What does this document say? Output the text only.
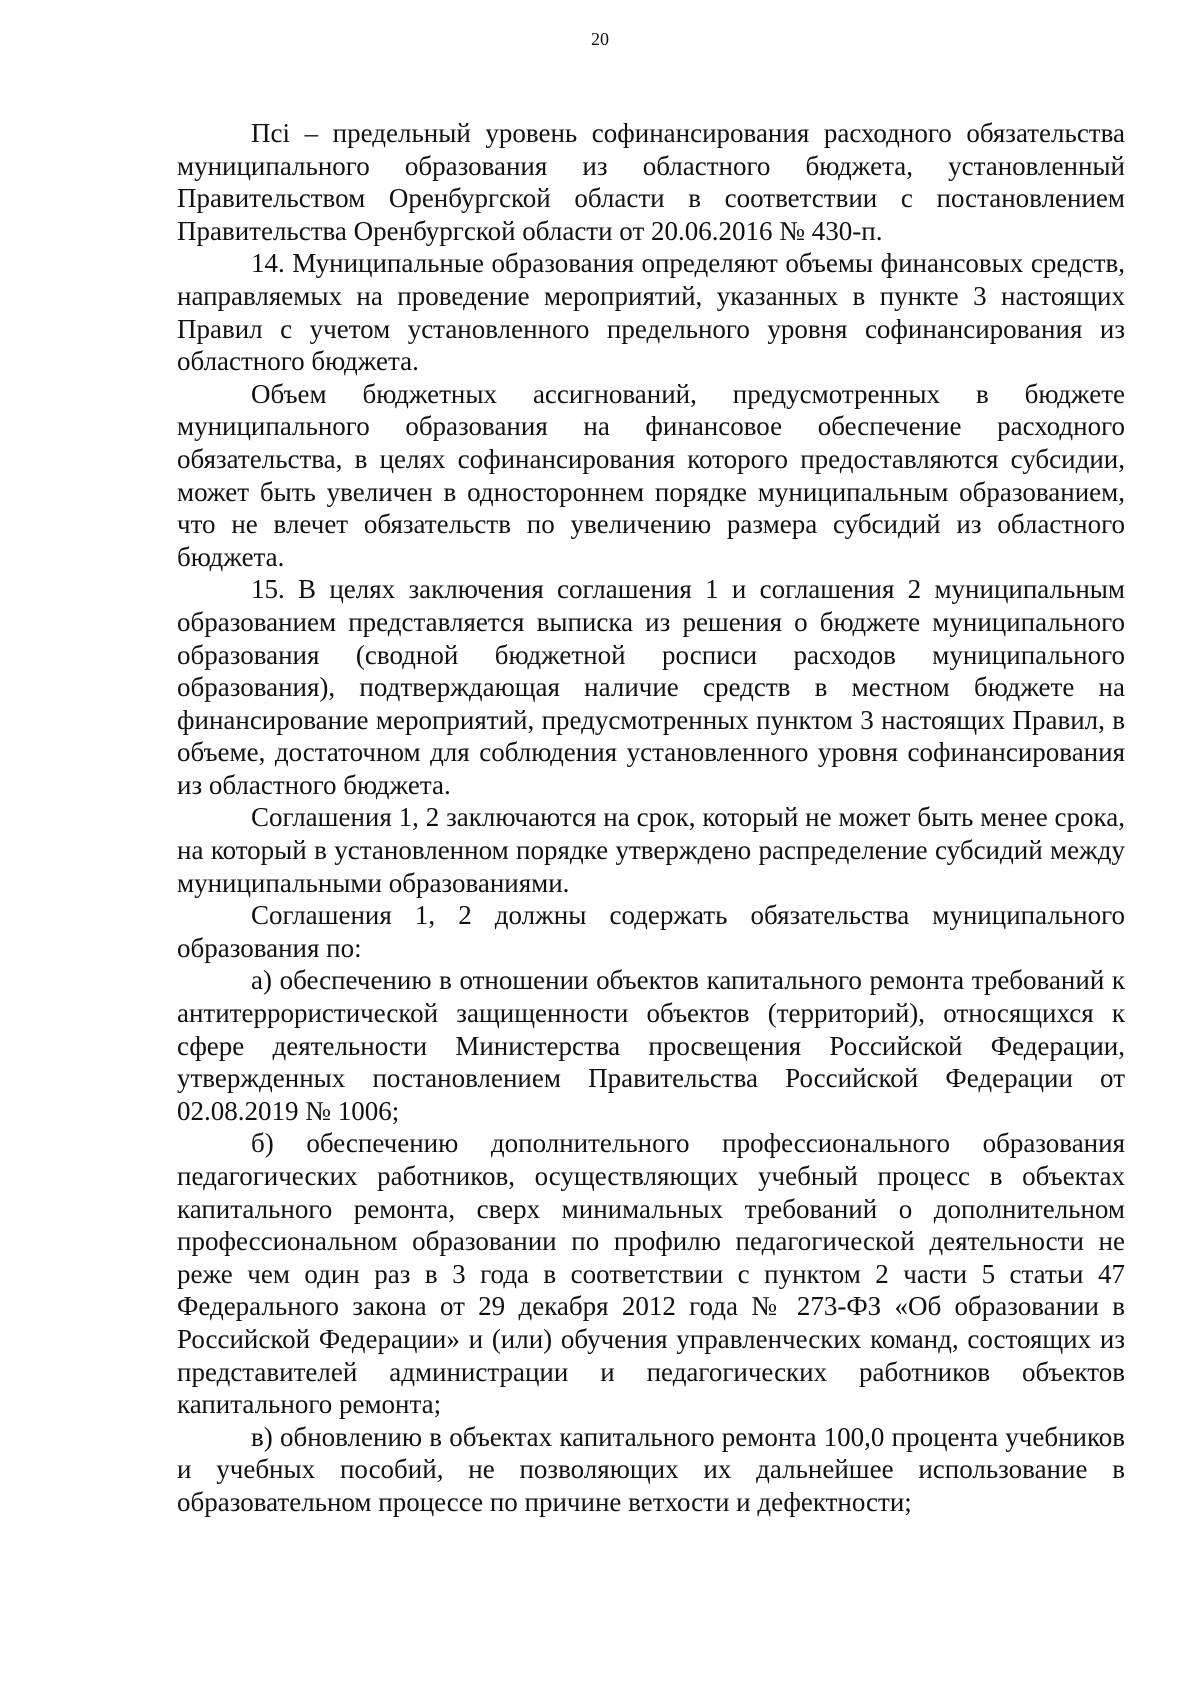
20

Псi – предельный уровень софинансирования расходного обязательства муниципального образования из областного бюджета, установленный Правительством Оренбургской области в соответствии с постановлением Правительства Оренбургской области от 20.06.2016 № 430-п.

14. Муниципальные образования определяют объемы финансовых средств, направляемых на проведение мероприятий, указанных в пункте 3 настоящих Правил с учетом установленного предельного уровня софинансирования из областного бюджета.

Объем бюджетных ассигнований, предусмотренных в бюджете муниципального образования на финансовое обеспечение расходного обязательства, в целях софинансирования которого предоставляются субсидии, может быть увеличен в одностороннем порядке муниципальным образованием, что не влечет обязательств по увеличению размера субсидий из областного бюджета.

15. В целях заключения соглашения 1 и соглашения 2 муниципальным образованием представляется выписка из решения о бюджете муниципального образования (сводной бюджетной росписи расходов муниципального образования), подтверждающая наличие средств в местном бюджете на финансирование мероприятий, предусмотренных пунктом 3 настоящих Правил, в объеме, достаточном для соблюдения установленного уровня софинансирования из областного бюджета.

Соглашения 1, 2 заключаются на срок, который не может быть менее срока, на который в установленном порядке утверждено распределение субсидий между муниципальными образованиями.

Соглашения 1, 2 должны содержать обязательства муниципального образования по:

а) обеспечению в отношении объектов капитального ремонта требований к антитеррористической защищенности объектов (территорий), относящихся к сфере деятельности Министерства просвещения Российской Федерации, утвержденных постановлением Правительства Российской Федерации от 02.08.2019 № 1006;

б) обеспечению дополнительного профессионального образования педагогических работников, осуществляющих учебный процесс в объектах капитального ремонта, сверх минимальных требований о дополнительном профессиональном образовании по профилю педагогической деятельности не реже чем один раз в 3 года в соответствии с пунктом 2 части 5 статьи 47 Федерального закона от 29 декабря 2012 года № 273-ФЗ «Об образовании в Российской Федерации» и (или) обучения управленческих команд, состоящих из представителей администрации и педагогических работников объектов капитального ремонта;

в) обновлению в объектах капитального ремонта 100,0 процента учебников и учебных пособий, не позволяющих их дальнейшее использование в образовательном процессе по причине ветхости и дефектности;
